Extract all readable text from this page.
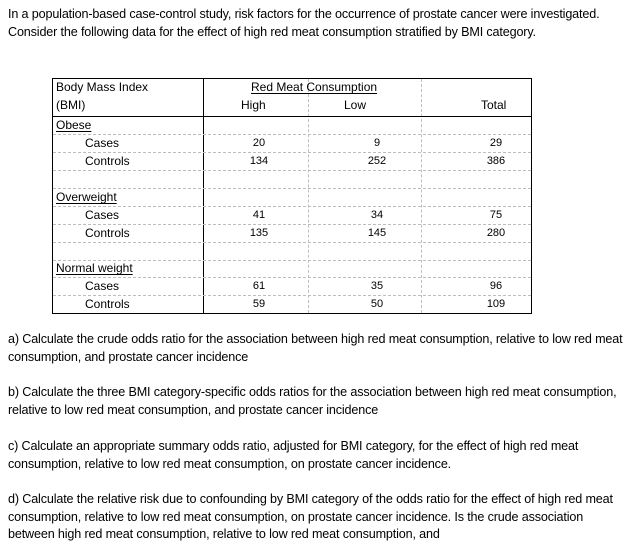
In a population-based case-control study, risk factors for the occurrence of prostate cancer were investigated. Consider the following data for the effect of high red meat consumption stratified by BMI category.

Body Mass Index
(BMI)
Red Meat Consumption
High	Low	Total
Obese
Cases	20	9	29
Controls	134	252	386
Overweight
Cases	41	34	75
Controls	135	145	280
Normal weight
Cases	61	35	96
Controls	59	50	109

a) Calculate the crude odds ratio for the association between high red meat consumption, relative to low red meat consumption, and prostate cancer incidence

b) Calculate the three BMI category-specific odds ratios for the association between high red meat consumption, relative to low red meat consumption, and prostate cancer incidence

c) Calculate an appropriate summary odds ratio, adjusted for BMI category, for the effect of high red meat consumption, relative to low red meat consumption, on prostate cancer incidence.

d) Calculate the relative risk due to confounding by BMI category of the odds ratio for the effect of high red meat consumption, relative to low red meat consumption, on prostate cancer incidence. Is the crude association between high red meat consumption, relative to low red meat consumption, and
